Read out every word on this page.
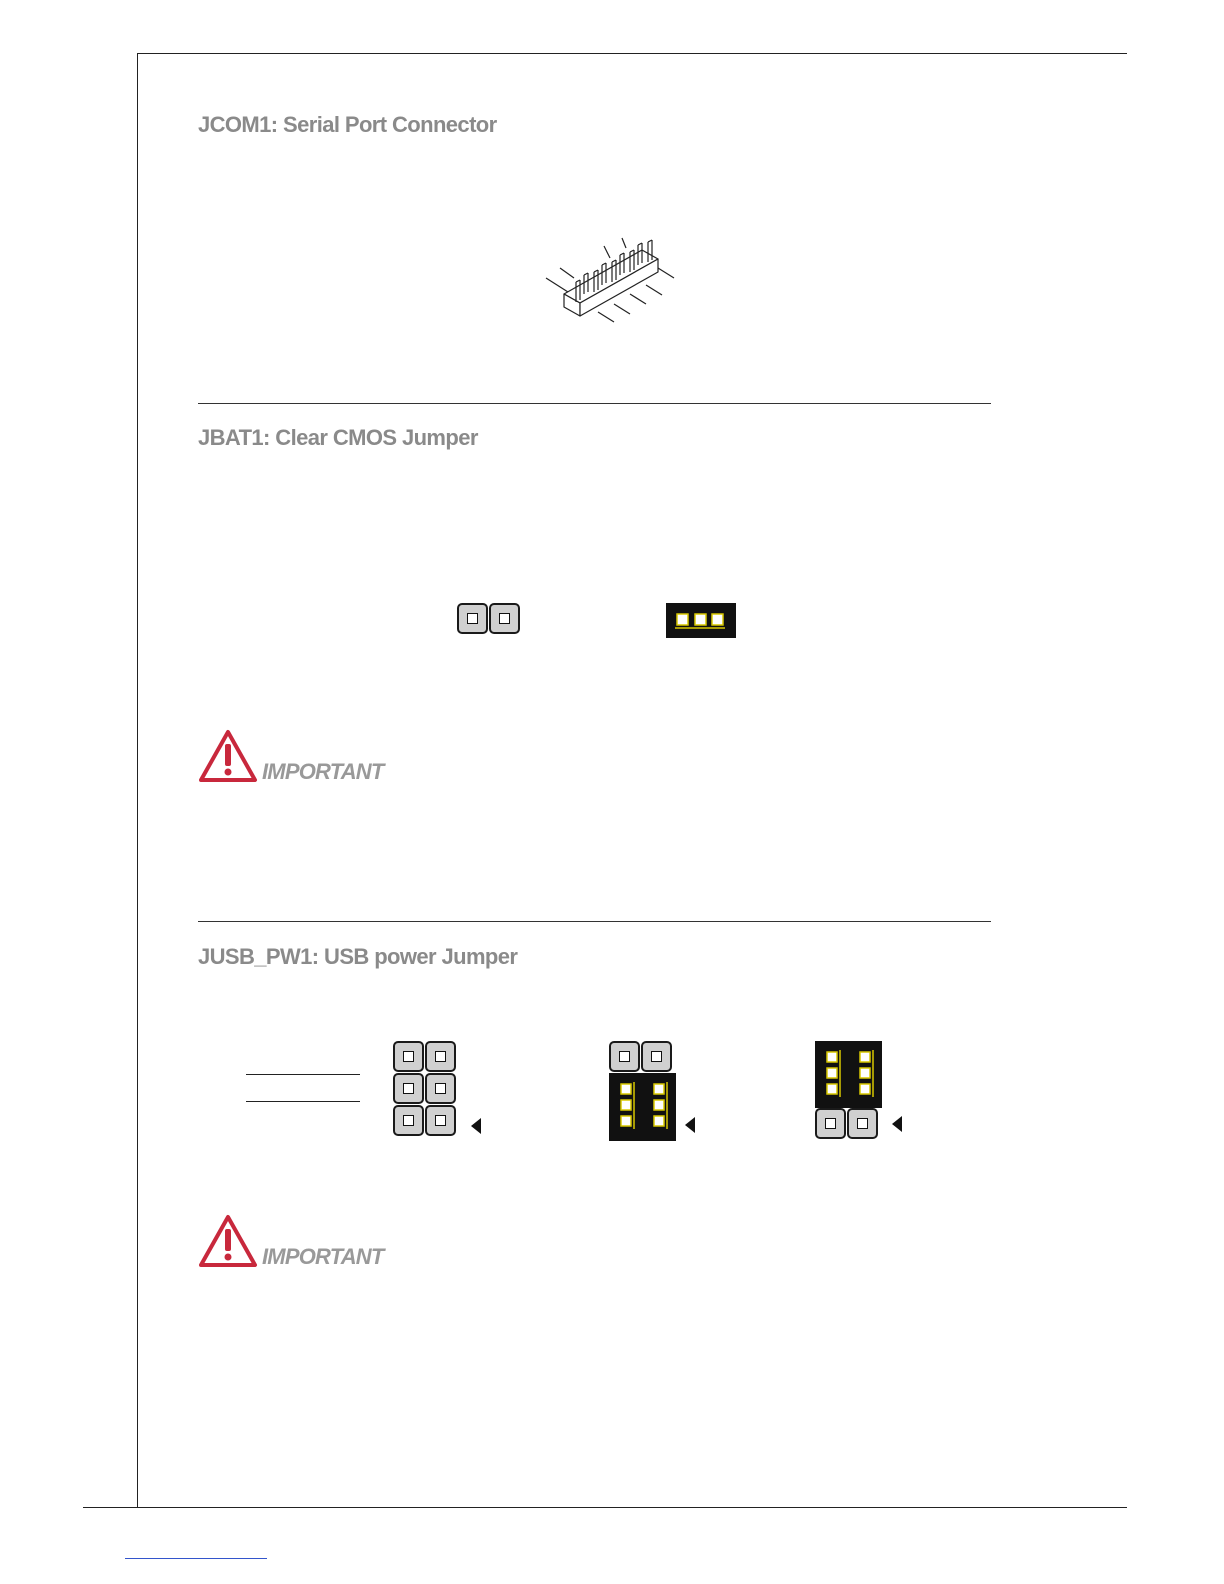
JCOM1: Serial Port Connector
JBAT1: Clear CMOS Jumper
IMPORTANT
JUSB_PW1: USB power Jumper
IMPORTANT
